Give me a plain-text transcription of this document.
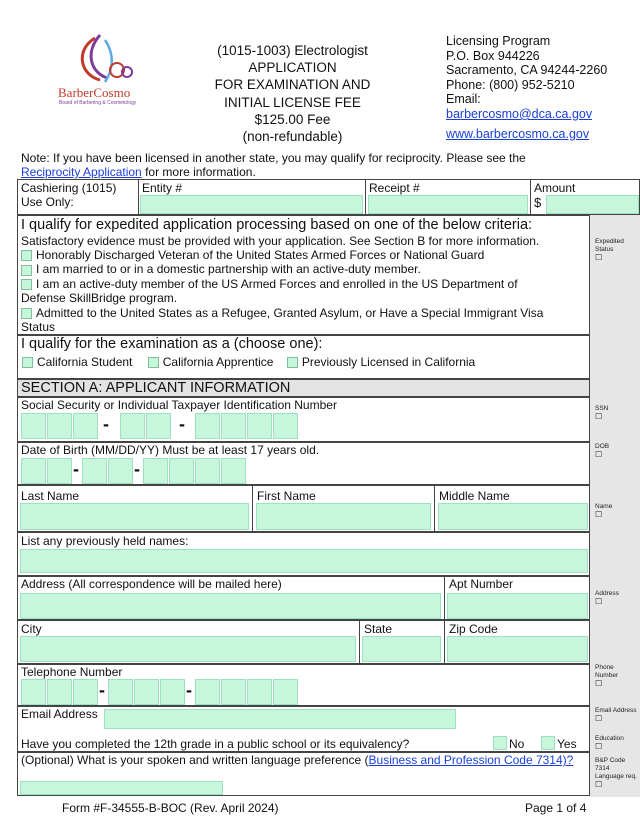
BarberCosmo
Board of Barbering & Cosmetology
(1015-1003) Electrologist
APPLICATION
FOR EXAMINATION AND
INITIAL LICENSE FEE
$125.00 Fee
(non-refundable)
Licensing Program
P.O. Box 944226
Sacramento, CA 94244-2260
Phone: (800) 952-5210
Email:
barbercosmo@dca.ca.gov
www.barbercosmo.ca.gov
Note: If you have been licensed in another state, you may qualify for reciprocity. Please see the
Reciprocity Application for more information.
Cashiering (1015)
Use Only:
Entity #	Receipt #	Amount
$
I qualify for expedited application processing based on one of the below criteria:
Satisfactory evidence must be provided with your application. See Section B for more information.
Honorably Discharged Veteran of the United States Armed Forces or National Guard
I am married to or in a domestic partnership with an active-duty member.
I am an active-duty member of the US Armed Forces and enrolled in the US Department of
Defense SkillBridge program.
Admitted to the United States as a Refugee, Granted Asylum, or Have a Special Immigrant Visa
Status
Expedited Status
☐
I qualify for the examination as a (choose one):
California Student	California Apprentice Previously Licensed in California
SECTION A: APPLICANT INFORMATION
Social Security or Individual Taxpayer Identification Number
-	-
SSN
☐
Date of Birth (MM/DD/YY) Must be at least 17 years old.
-	-
DOB
☐
Last Name	First Name	Middle Name
Name
☐
List any previously held names:
Address (All correspondence will be mailed here)	Apt Number
Address
☐
City	State	Zip Code
Telephone Number
-	-
Phone Number
☐
Email Address
Have you completed the 12th grade in a public school or its equivalency?	No	Yes
Email Address
☐
Education
☐
(Optional) What is your spoken and written language preference (Business and Profession Code 7314)?	B&P Code 7314 Language req.
☐
Form #F-34555-B-BOC (Rev. April 2024)	Page 1 of 4
